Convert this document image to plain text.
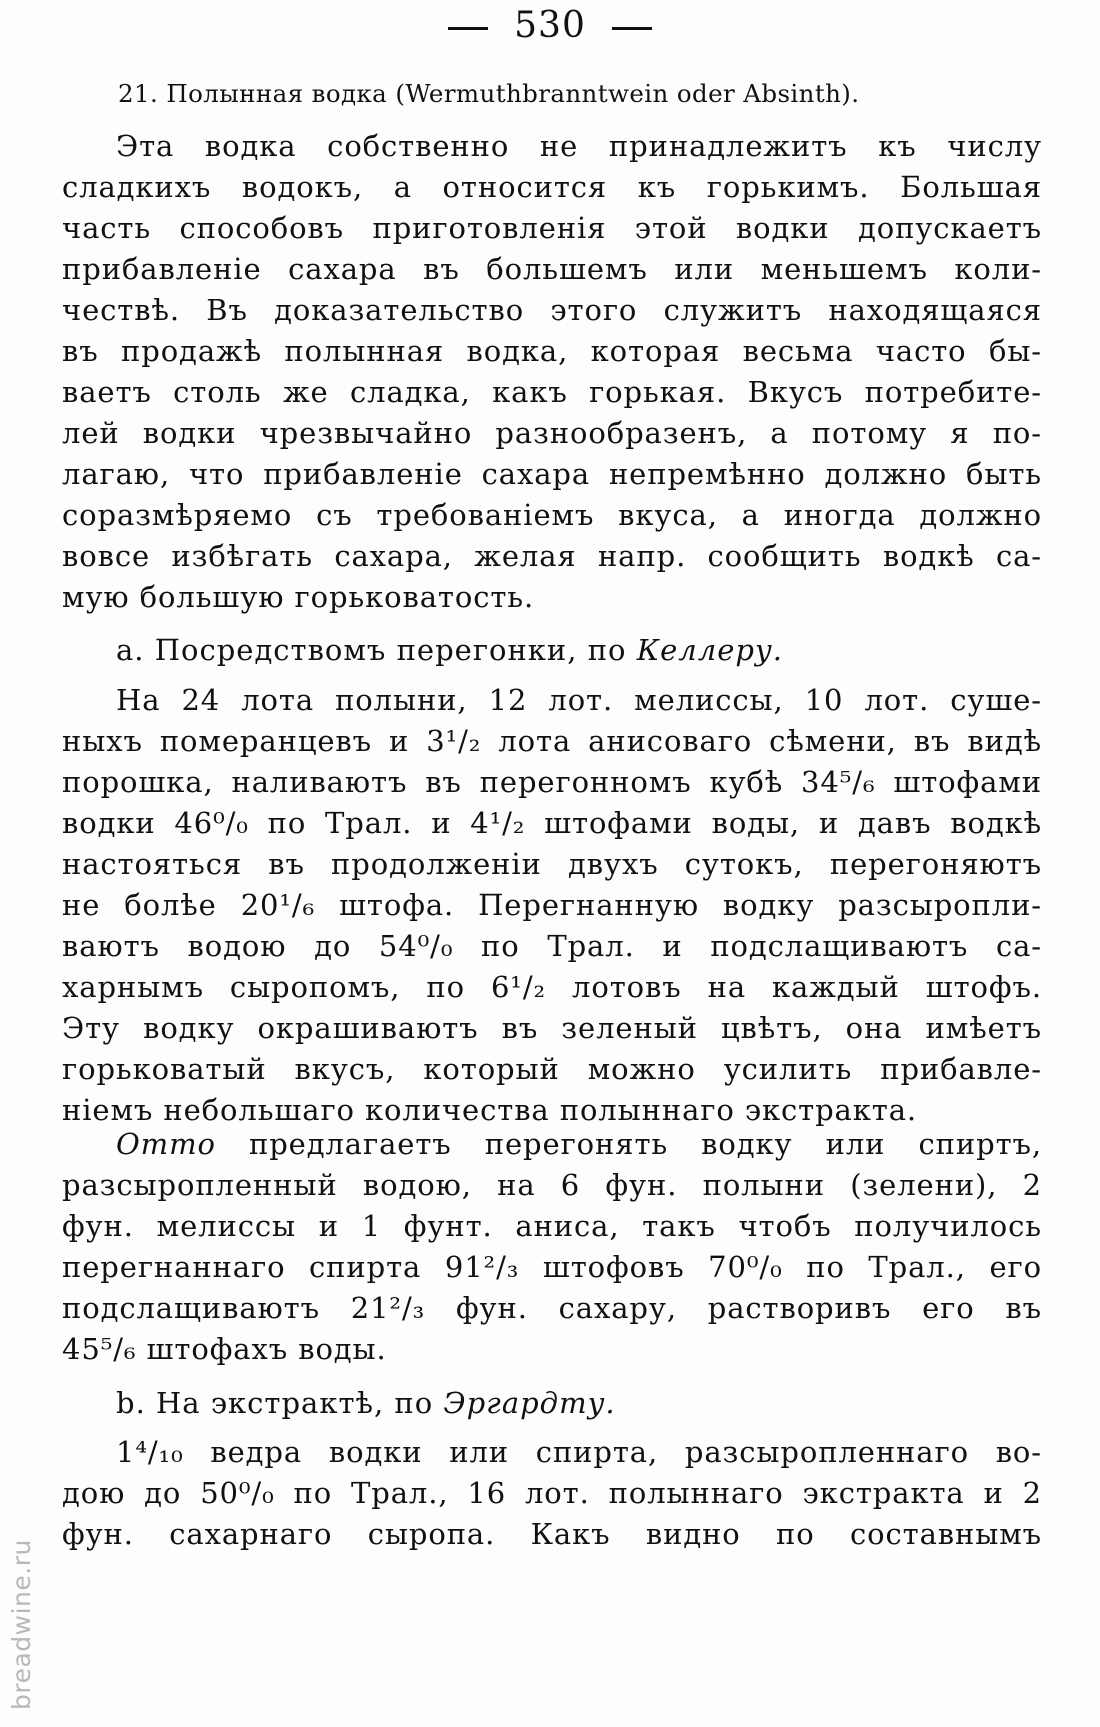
530
21. Полынная водка (Wermuthbranntwein oder Absinth).
Эта водка собственно не принадлежитъ къ числу
сладкихъ водокъ, а относится къ горькимъ. Большая
часть способовъ приготовленія этой водки допускаетъ
прибавленіе сахара въ большемъ или меньшемъ коли-
чествѣ. Въ доказательство этого служитъ находящаяся
въ продажѣ полынная водка, которая весьма часто бы-
ваетъ столь же сладка, какъ горькая. Вкусъ потребите-
лей водки чрезвычайно разнообразенъ, а потому я по-
лагаю, что прибавленіе сахара непремѣнно должно быть
соразмѣряемо съ требованіемъ вкуса, а иногда должно
вовсе избѣгать сахара, желая напр. сообщить водкѣ са-
мую большую горьковатость.
a. Посредствомъ перегонки, по Келлеру.
На 24 лота полыни, 12 лот. мелиссы, 10 лот. суше-
ныхъ померанцевъ и 3¹/₂ лота анисоваго сѣмени, въ видѣ
порошка, наливаютъ въ перегонномъ кубѣ 34⁵/₆ штофами
водки 46⁰/₀ по Трал. и 4¹/₂ штофами воды, и давъ водкѣ
настояться въ продолженіи двухъ сутокъ, перегоняютъ
не болѣе 20¹/₆ штофа. Перегнанную водку разсыропли-
ваютъ водою до 54⁰/₀ по Трал. и подслащиваютъ са-
харнымъ сыропомъ, по 6¹/₂ лотовъ на каждый штофъ.
Эту водку окрашиваютъ въ зеленый цвѣтъ, она имѣетъ
горьковатый вкусъ, который можно усилить прибавле-
ніемъ небольшаго количества полыннаго экстракта.
Отто предлагаетъ перегонять водку или спиртъ,
разсыропленный водою, на 6 фун. полыни (зелени), 2
фун. мелиссы и 1 фунт. аниса, такъ чтобъ получилось
перегнаннаго спирта 91²/₃ штофовъ 70⁰/₀ по Трал., его
подслащиваютъ 21²/₃ фун. сахару, растворивъ его въ
45⁵/₆ штофахъ воды.
b. На экстрактѣ, по Эргардту.
1⁴/₁₀ ведра водки или спирта, разсыропленнаго во-
дою до 50⁰/₀ по Трал., 16 лот. полыннаго экстракта и 2
фун. сахарнаго сыропа. Какъ видно по составнымъ
breadwine.ru
